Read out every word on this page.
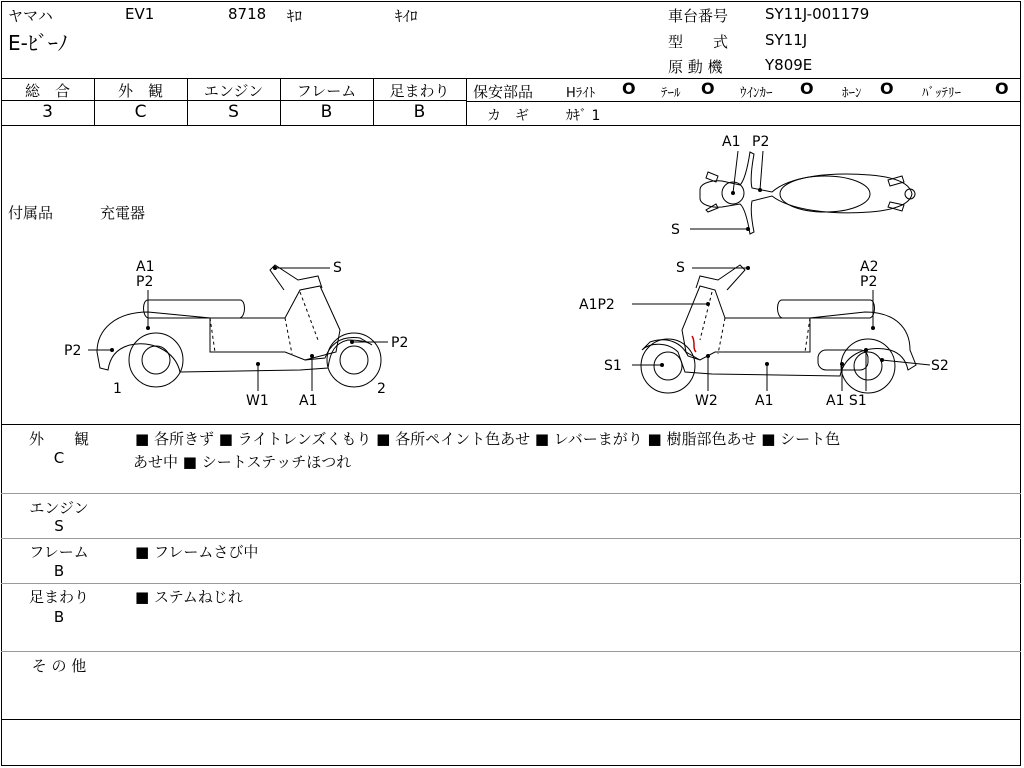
ヤマハ	EV1	8718 ｷﾛ	ｷｲﾛ
E-ﾋﾞｰﾉ
車台番号 SY11J-001179
型　　式 SY11J
原 動 機	Y809E
総　合	外　観	エンジン	フレーム	足まわり
3	C	S	B	B
保安部品	Hﾗｲﾄ O ﾃｰﾙ O ｳｲﾝｶｰ O ﾎｰﾝ O ﾊﾞｯﾃﾘｰ O
カ　ギ	ｶｷﾞ 1
付属品	充電器
A1 P2
S
A1
P2
S
P2	P2
1
W1 A1
2
S	A2
P2
A1P2
S1	S2
W2	A1	A1 S1
外　　観
C
■ 各所きず ■ ライトレンズくもり ■ 各所ペイント色あせ ■ レバーまがり ■ 樹脂部色あせ ■ シート色
あせ中 ■ シートステッチほつれ
エンジン
S
フレーム
B
■ フレームさび中
足まわり
B
■ ステムねじれ
そ の 他
